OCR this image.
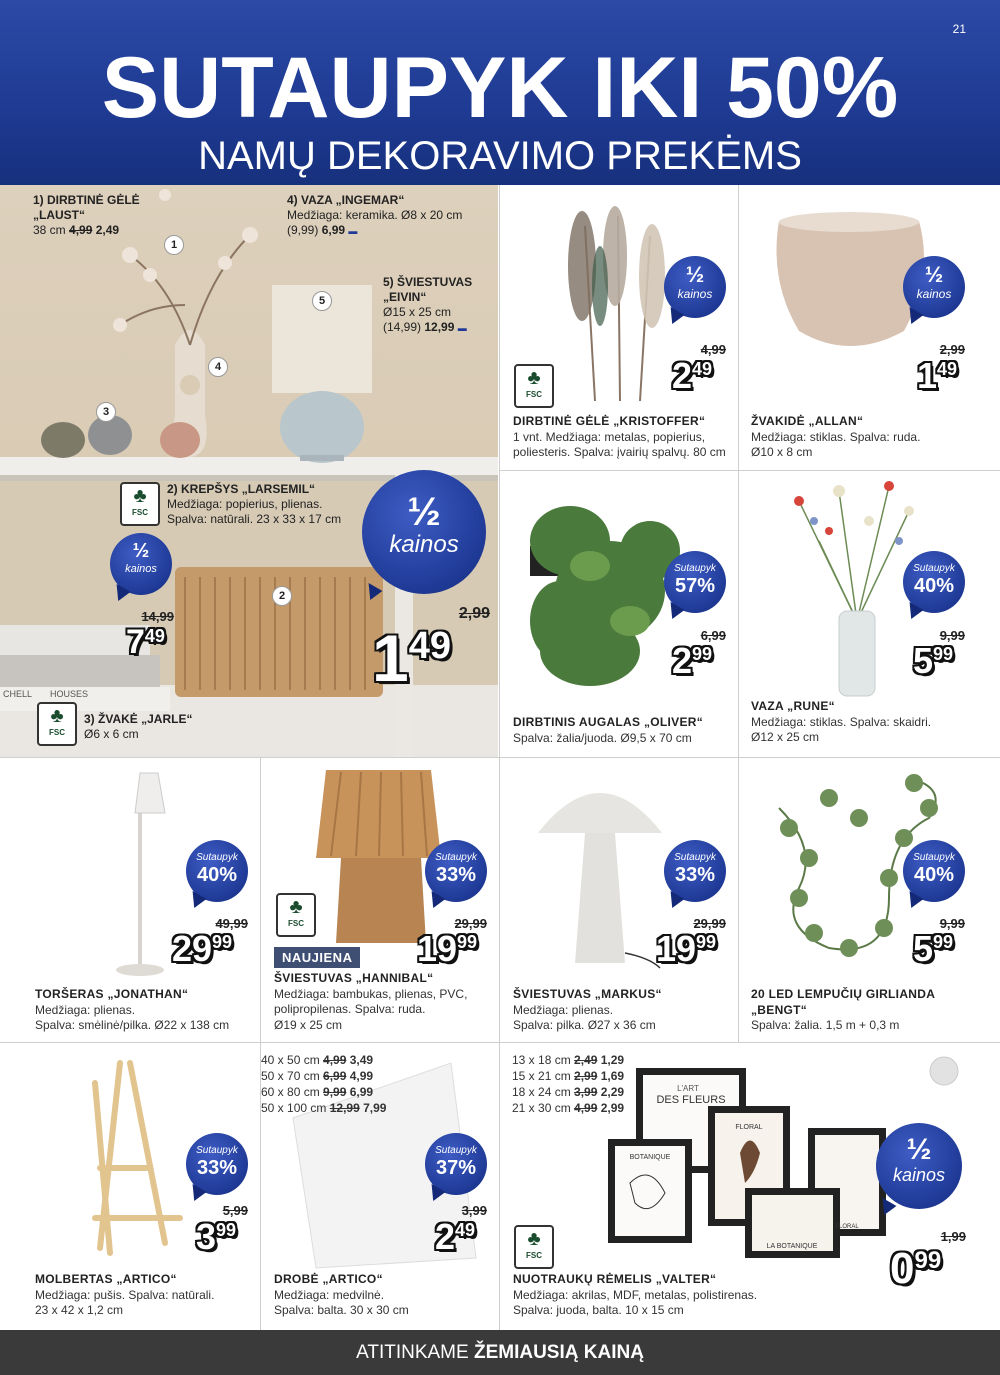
21
SUTAUPYK IKI 50%
NAMŲ DEKORAVIMO PREKĖMS
HOUSES
CHELL
1) DIRBTINĖ GĖLĖ
„LAUST“
38 cm 4,99 2,49
4) VAZA „INGEMAR“
Medžiaga: keramika. Ø8 x 20 cm
(9,99) 6,99 ▬
5) ŠVIESTUVAS
„EIVIN“
Ø15 x 25 cm
(14,99) 12,99 ▬
2) KREPŠYS „LARSEMIL“
Medžiaga: popierius, plienas.
Spalva: natūrali. 23 x 33 x 17 cm
3) ŽVAKĖ „JARLE“
Ø6 x 6 cm
1
2
3
4
5
♣
FSC
♣
FSC
½
kainos
14,99
749
½
kainos
2,99
149
♣
FSC
½
kainos
4,99
249
DIRBTINĖ GĖLĖ „KRISTOFFER“
1 vnt. Medžiaga: metalas, popierius,
poliesteris. Spalva: įvairių spalvų. 80 cm
½
kainos
2,99
149
ŽVAKIDĖ „ALLAN“
Medžiaga: stiklas. Spalva: ruda.
Ø10 x 8 cm
Sutaupyk
57%
6,99
299
DIRBTINIS AUGALAS „OLIVER“
Spalva: žalia/juoda. Ø9,5 x 70 cm
Sutaupyk
40%
9,99
599
VAZA „RUNE“
Medžiaga: stiklas. Spalva: skaidri.
Ø12 x 25 cm
Sutaupyk
40%
49,99
2999
TORŠERAS „JONATHAN“
Medžiaga: plienas.
Spalva: smėlinė/pilka. Ø22 x 138 cm
♣
FSC
NAUJIENA
Sutaupyk
33%
29,99
1999
ŠVIESTUVAS „HANNIBAL“
Medžiaga: bambukas, plienas, PVC,
polipropilenas. Spalva: ruda.
Ø19 x 25 cm
Sutaupyk
33%
29,99
1999
ŠVIESTUVAS „MARKUS“
Medžiaga: plienas.
Spalva: pilka. Ø27 x 36 cm
Sutaupyk
40%
9,99
599
20 LED LEMPUČIŲ GIRLIANDA
„BENGT“
Spalva: žalia. 1,5 m + 0,3 m
Sutaupyk
33%
5,99
399
MOLBERTAS „ARTICO“
Medžiaga: pušis. Spalva: natūrali.
23 x 42 x 1,2 cm
40 x 50 cm 4,99 3,49
50 x 70 cm 6,99 4,99
60 x 80 cm 9,99 6,99
50 x 100 cm 12,99 7,99
Sutaupyk
37%
3,99
249
DROBĖ „ARTICO“
Medžiaga: medvilnė.
Spalva: balta. 30 x 30 cm
L'ART
DES FLEURS
FLORAL
BOTANIQUE
FLORAL
LA BOTANIQUE
13 x 18 cm 2,49 1,29
15 x 21 cm 2,99 1,69
18 x 24 cm 3,99 2,29
21 x 30 cm 4,99 2,99
♣
FSC
½
kainos
1,99
099
NUOTRAUKŲ RĖMELIS „VALTER“
Medžiaga: akrilas, MDF, metalas, polistirenas.
Spalva: juoda, balta. 10 x 15 cm
ATITINKAME ŽEMIAUSIĄ KAINĄ
